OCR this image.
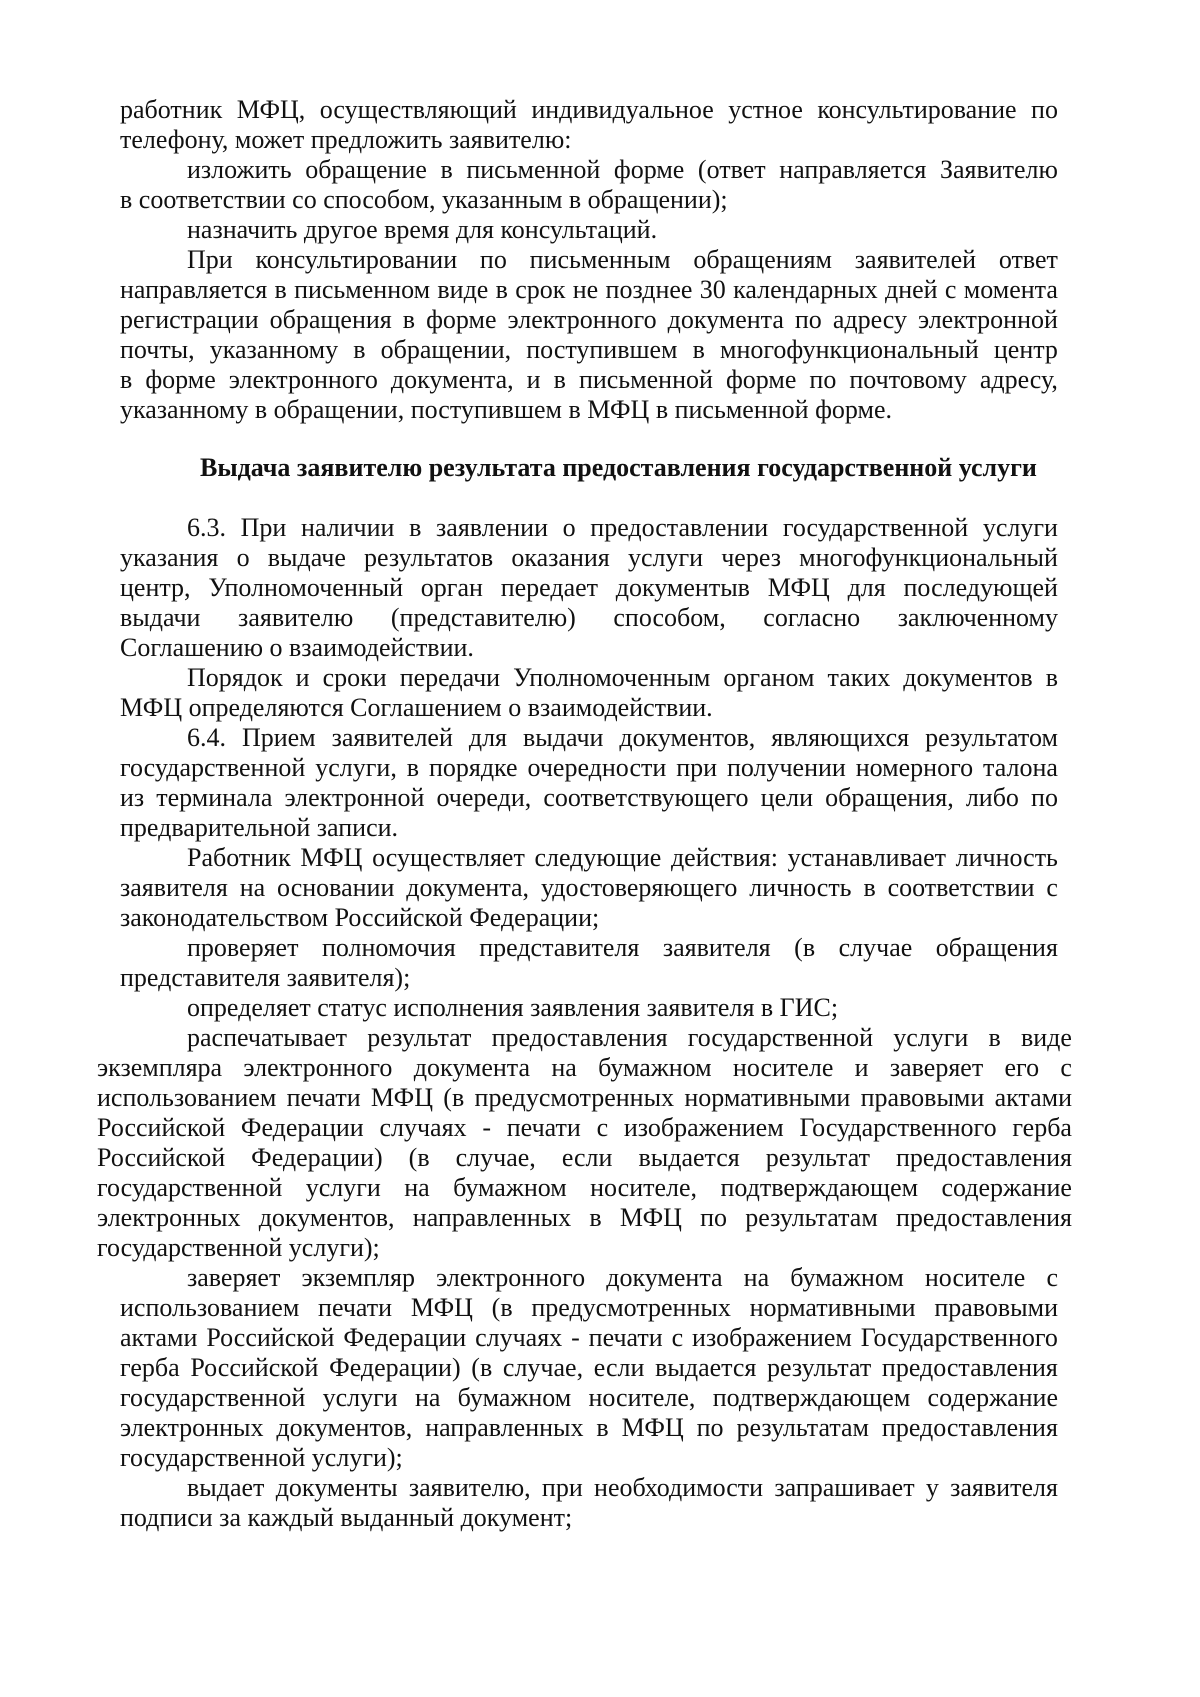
работник МФЦ, осуществляющий индивидуальное устное консультирование по
телефону, может предложить заявителю:
изложить обращение в письменной форме (ответ направляется Заявителю
в соответствии со способом, указанным в обращении);
назначить другое время для консультаций.
При консультировании по письменным обращениям заявителей ответ
направляется в письменном виде в срок не позднее 30 календарных дней с момента
регистрации обращения в форме электронного документа по адресу электронной
почты, указанному в обращении, поступившем в многофункциональный центр
в форме электронного документа, и в письменной форме по почтовому адресу,
указанному в обращении, поступившем в МФЦ в письменной форме.
Выдача заявителю результата предоставления государственной услуги
6.3. При наличии в заявлении о предоставлении государственной услуги
указания о выдаче результатов оказания услуги через многофункциональный
центр, Уполномоченный орган передает документыв МФЦ для последующей
выдачи заявителю (представителю) способом, согласно заключенному
Соглашению о взаимодействии.
Порядок и сроки передачи Уполномоченным органом таких документов в
МФЦ определяются Соглашением о взаимодействии.
6.4. Прием заявителей для выдачи документов, являющихся результатом
государственной услуги, в порядке очередности при получении номерного талона
из терминала электронной очереди, соответствующего цели обращения, либо по
предварительной записи.
Работник МФЦ осуществляет следующие действия: устанавливает личность
заявителя на основании документа, удостоверяющего личность в соответствии с
законодательством Российской Федерации;
проверяет полномочия представителя заявителя (в случае обращения
представителя заявителя);
определяет статус исполнения заявления заявителя в ГИС;
распечатывает результат предоставления государственной услуги в виде
экземпляра электронного документа на бумажном носителе и заверяет его с
использованием печати МФЦ (в предусмотренных нормативными правовыми актами
Российской Федерации случаях - печати с изображением Государственного герба
Российской Федерации) (в случае, если выдается результат предоставления
государственной услуги на бумажном носителе, подтверждающем содержание
электронных документов, направленных в МФЦ по результатам предоставления
государственной услуги);
заверяет экземпляр электронного документа на бумажном носителе с
использованием печати МФЦ (в предусмотренных нормативными правовыми
актами Российской Федерации случаях - печати с изображением Государственного
герба Российской Федерации) (в случае, если выдается результат предоставления
государственной услуги на бумажном носителе, подтверждающем содержание
электронных документов, направленных в МФЦ по результатам предоставления
государственной услуги);
выдает документы заявителю, при необходимости запрашивает у заявителя
подписи за каждый выданный документ;
